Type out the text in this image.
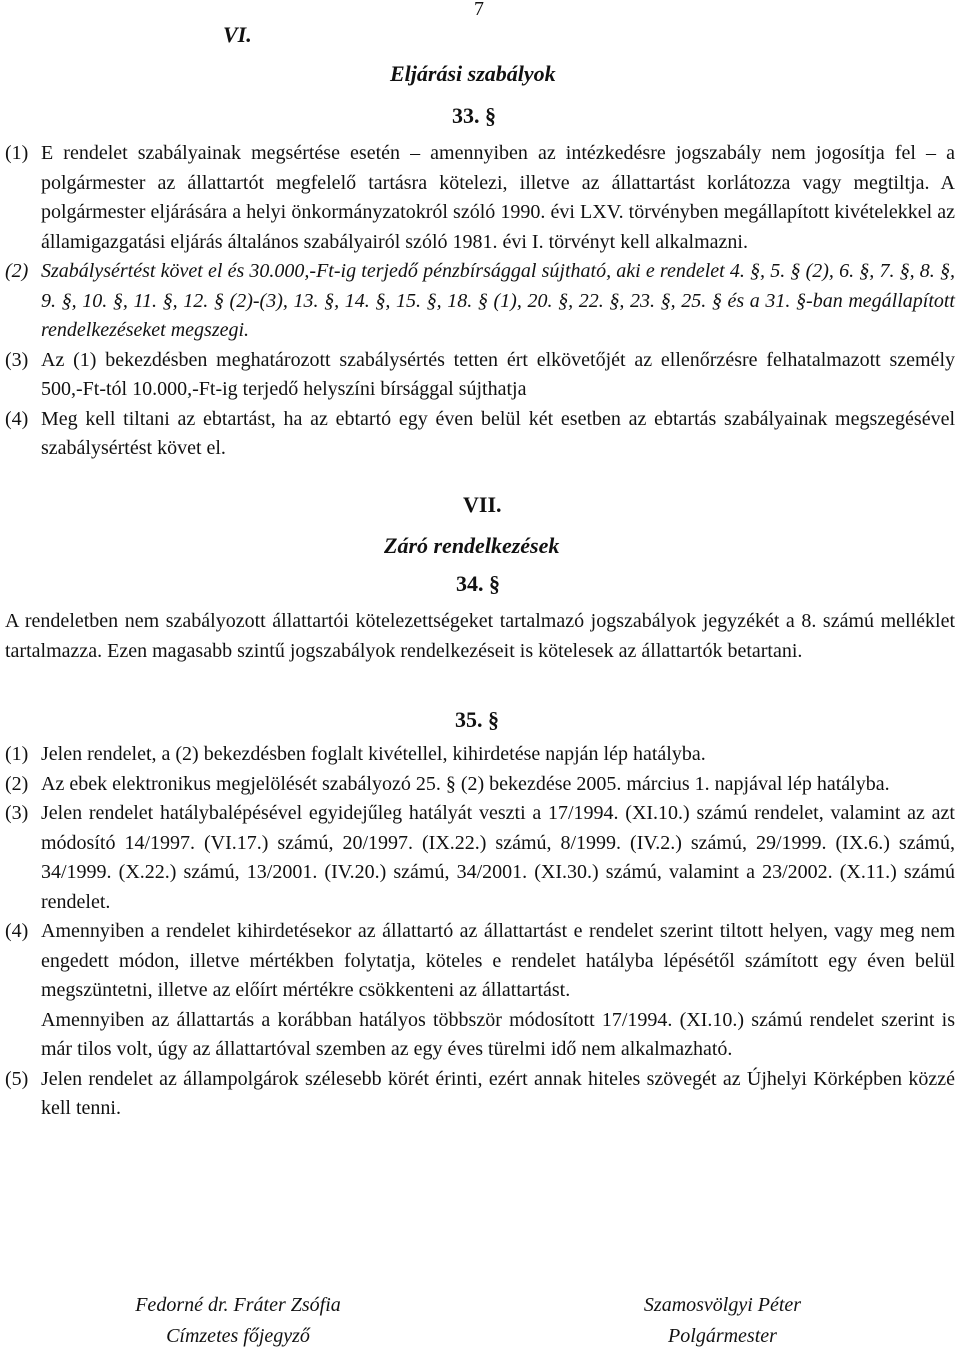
7
VI.
Eljárási szabályok
33. §

(1) E rendelet szabályainak megsértése esetén – amennyiben az intézkedésre jogszabály nem jogosítja fel – a polgármester az állattartót megfelelő tartásra kötelezi, illetve az állattartást korlátozza vagy megtiltja. A polgármester eljárására a helyi önkormányzatokról szóló 1990. évi LXV. törvényben megállapított kivételekkel az államigazgatási eljárás általános szabályairól szóló 1981. évi I. törvényt kell alkalmazni.

(2) Szabálysértést követ el és 30.000,-Ft-ig terjedő pénzbírsággal sújtható, aki e rendelet 4. §, 5. § (2), 6. §, 7. §, 8. §, 9. §, 10. §, 11. §, 12. § (2)-(3), 13. §, 14. §, 15. §, 18. § (1), 20. §, 22. §, 23. §, 25. § és a 31. §-ban megállapított rendelkezéseket megszegi.

(3) Az (1) bekezdésben meghatározott szabálysértés tetten ért elkövetőjét az ellenőrzésre felhatalmazott személy 500,-Ft-tól 10.000,-Ft-ig terjedő helyszíni bírsággal sújthatja

(4) Meg kell tiltani az ebtartást, ha az ebtartó egy éven belül két esetben az ebtartás szabályainak megszegésével szabálysértést követ el.

VII.
Záró rendelkezések
34. §

A rendeletben nem szabályozott állattartói kötelezettségeket tartalmazó jogszabályok jegyzékét a 8. számú melléklet tartalmazza. Ezen magasabb szintű jogszabályok rendelkezéseit is kötelesek az állattartók betartani.

35. §

(1) Jelen rendelet, a (2) bekezdésben foglalt kivétellel, kihirdetése napján lép hatályba.

(2) Az ebek elektronikus megjelölését szabályozó 25. § (2) bekezdése 2005. március 1. napjával lép hatályba.

(3) Jelen rendelet hatálybalépésével egyidejűleg hatályát veszti a 17/1994. (XI.10.) számú rendelet, valamint az azt módosító 14/1997. (VI.17.) számú, 20/1997. (IX.22.) számú, 8/1999. (IV.2.) számú, 29/1999. (IX.6.) számú, 34/1999. (X.22.) számú, 13/2001. (IV.20.) számú, 34/2001. (XI.30.) számú, valamint a 23/2002. (X.11.) számú rendelet.

(4) Amennyiben a rendelet kihirdetésekor az állattartó az állattartást e rendelet szerint tiltott helyen, vagy meg nem engedett módon, illetve mértékben folytatja, köteles e rendelet hatályba lépésétől számított egy éven belül megszüntetni, illetve az előírt mértékre csökkenteni az állattartást.

Amennyiben az állattartás a korábban hatályos többször módosított 17/1994. (XI.10.) számú rendelet szerint is már tilos volt, úgy az állattartóval szemben az egy éves türelmi idő nem alkalmazható.

(5) Jelen rendelet az állampolgárok szélesebb körét érinti, ezért annak hiteles szövegét az Újhelyi Körképben közzé kell tenni.

Fedorné dr. Fráter Zsófia
Címzetes főjegyző
Szamosvölgyi Péter
Polgármester
